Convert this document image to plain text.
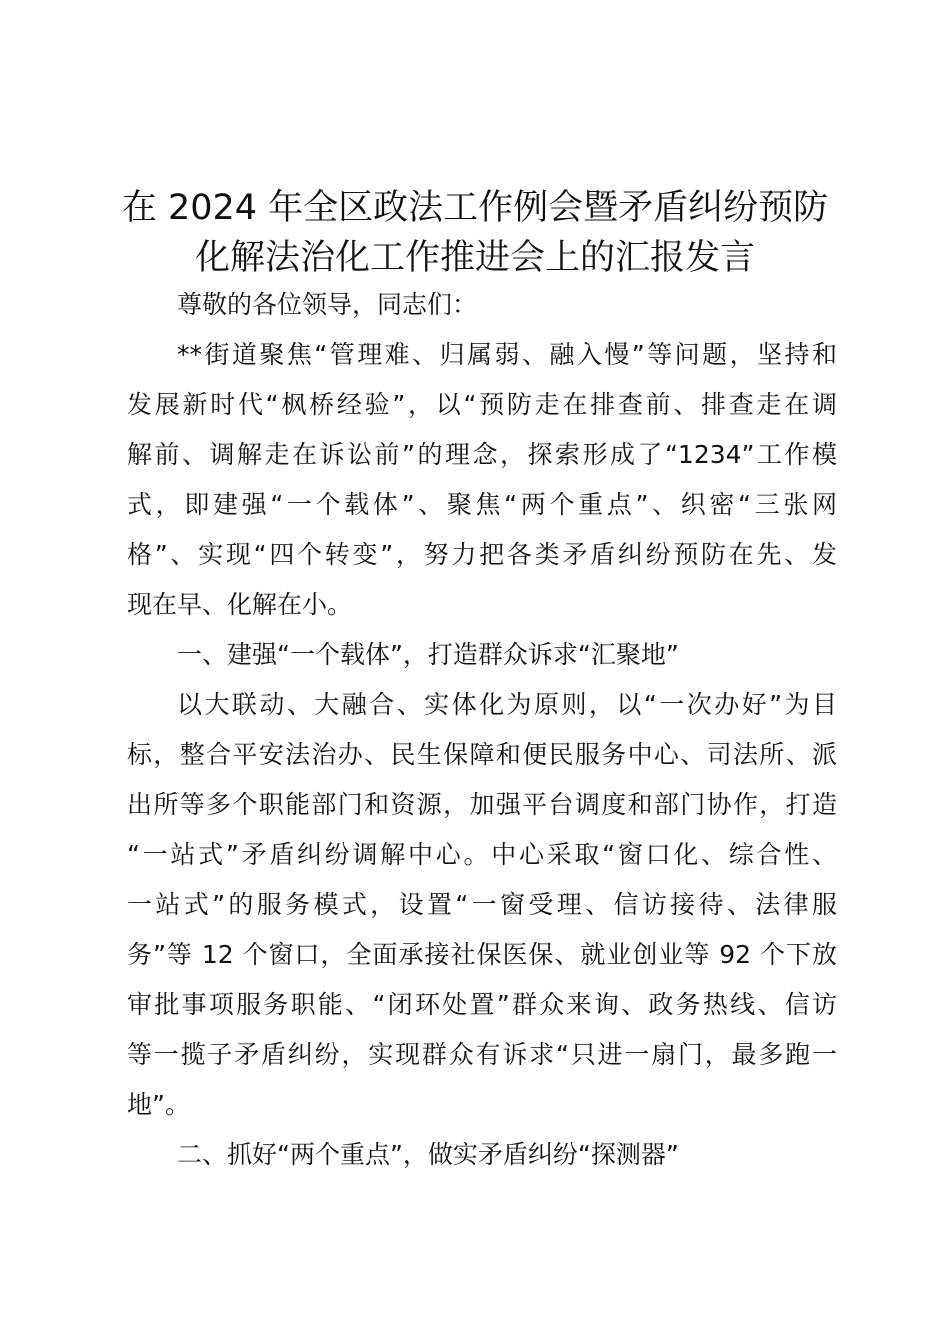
在 2024 年全区政法工作例会暨矛盾纠纷预防
化解法治化工作推进会上的汇报发言
尊敬的各位领导，同志们：
**街道聚焦“管理难、归属弱、融入慢”等问题，坚持和
发展新时代“枫桥经验”，以“预防走在排查前、排查走在调
解前、调解走在诉讼前”的理念，探索形成了“1234”工作模
式，即建强“一个载体”、聚焦“两个重点”、织密“三张网
格”、实现“四个转变”，努力把各类矛盾纠纷预防在先、发
现在早、化解在小。
一、建强“一个载体”，打造群众诉求“汇聚地”
以大联动、大融合、实体化为原则，以“一次办好”为目
标，整合平安法治办、民生保障和便民服务中心、司法所、派
出所等多个职能部门和资源，加强平台调度和部门协作，打造
“一站式”矛盾纠纷调解中心。中心采取“窗口化、综合性、
一站式”的服务模式，设置“一窗受理、信访接待、法律服
务”等 12 个窗口，全面承接社保医保、就业创业等 92 个下放
审批事项服务职能、“闭环处置”群众来询、政务热线、信访
等一揽子矛盾纠纷，实现群众有诉求“只进一扇门，最多跑一
地”。
二、抓好“两个重点”，做实矛盾纠纷“探测器”
